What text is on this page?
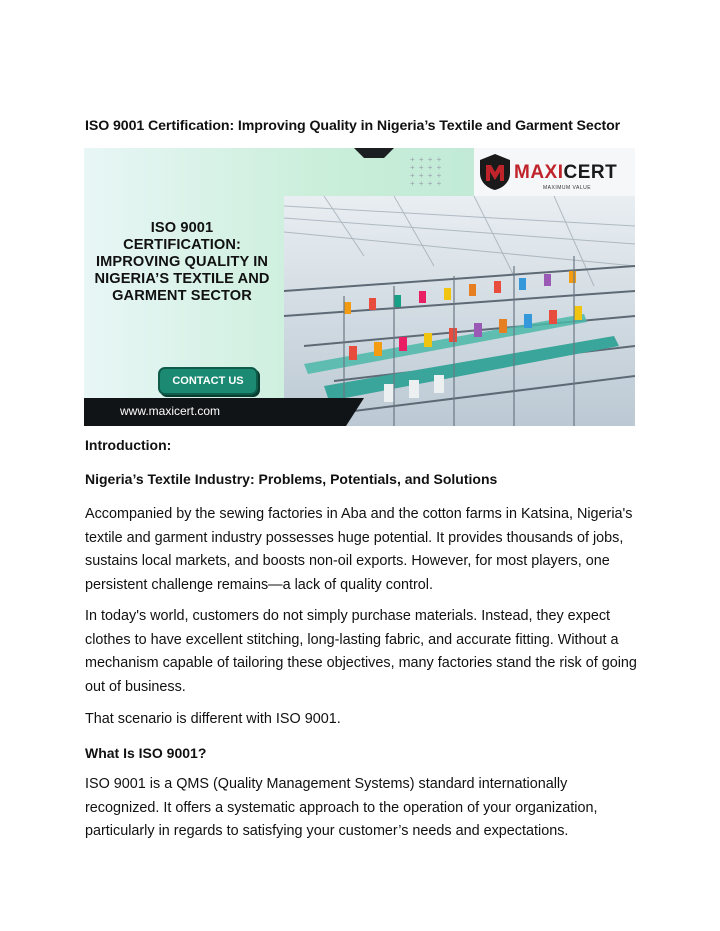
ISO 9001 Certification: Improving Quality in Nigeria’s Textile and Garment Sector
+ + + +
+ + + +
+ + + +
+ + + +
MAXICERT
MAXIMUM VALUE
ISO 9001
CERTIFICATION:
IMPROVING QUALITY IN
NIGERIA’S TEXTILE AND
GARMENT SECTOR
CONTACT US
www.maxicert.com
Introduction:
Nigeria’s Textile Industry: Problems, Potentials, and Solutions
Accompanied by the sewing factories in Aba and the cotton farms in Katsina, Nigeria's textile and garment industry possesses huge potential. It provides thousands of jobs, sustains local markets, and boosts non-oil exports. However, for most players, one persistent challenge remains—a lack of quality control.
In today's world, customers do not simply purchase materials. Instead, they expect clothes to have excellent stitching, long-lasting fabric, and accurate fitting. Without a mechanism capable of tailoring these objectives, many factories stand the risk of going out of business.
That scenario is different with ISO 9001.
What Is ISO 9001?
ISO 9001 is a QMS (Quality Management Systems) standard internationally recognized. It offers a systematic approach to the operation of your organization, particularly in regards to satisfying your customer’s needs and expectations.
